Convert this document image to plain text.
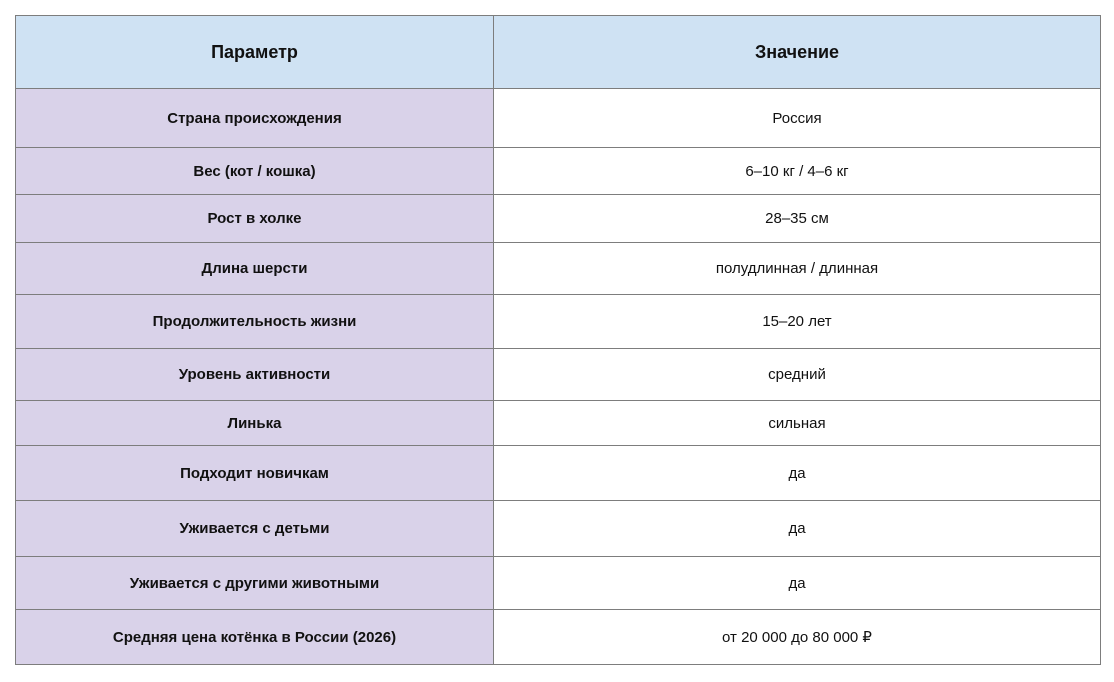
Параметр	Значение
Страна происхождения	Россия
Вес (кот / кошка)	6–10 кг / 4–6 кг
Рост в холке	28–35 см
Длина шерсти	полудлинная / длинная
Продолжительность жизни	15–20 лет
Уровень активности	средний
Линька	сильная
Подходит новичкам	да
Уживается с детьми	да
Уживается с другими животными	да
Средняя цена котёнка в России (2026)	от 20 000 до 80 000 ₽
